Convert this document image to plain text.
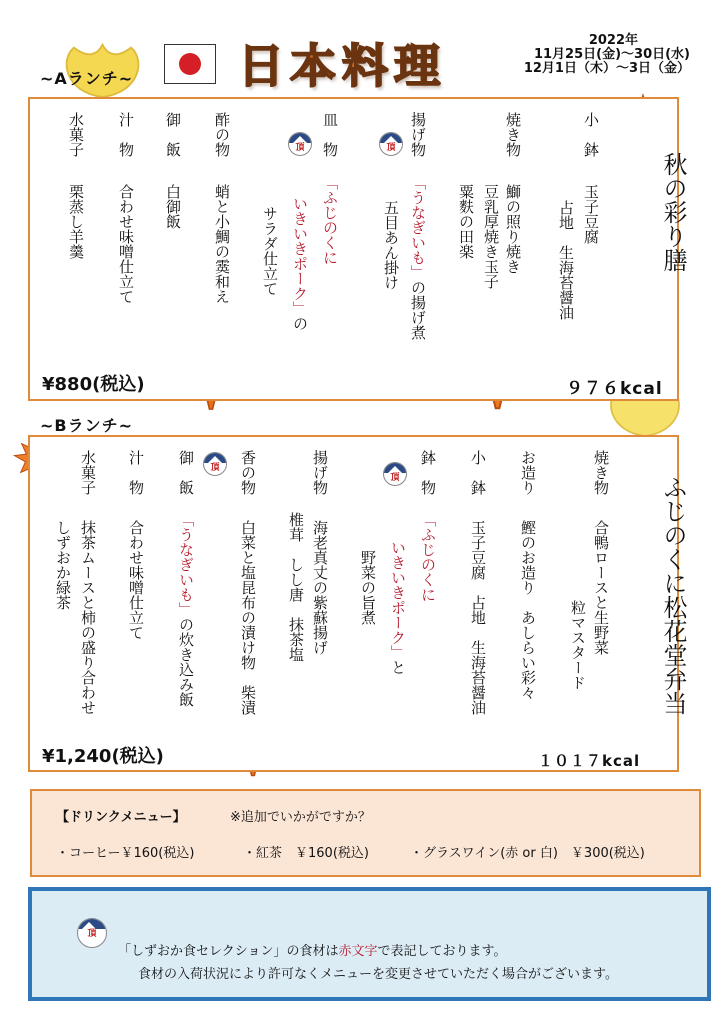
~Aランチ~ 日本料理	2022年
11月25日(金)～30日(水)
12月1日（木）～3日（金）
秋の彩り膳
小　鉢
玉子豆腐
占地　生海苔醤油
焼き物
鰤の照り焼き
豆乳厚焼き玉子
粟麩の田楽
揚げ物
「うなぎいも」の揚げ煮
五目あん掛け
頂
皿　物
「ふじのくに
いきいきポーク」の
サラダ仕立て
頂
酢の物
蛸と小鯛の霙和え
御　飯
白御飯
汁　物
合わせ味噌仕立て
水菓子
栗蒸し羊羹
¥880(税込)	９７６kcal
~Bランチ~
ふじのくに松花堂弁当
焼き物
合鴨ロースと生野菜
粒マスタード
お造り
鰹のお造り　あしらい彩々
小　鉢
玉子豆腐　占地　生海苔醤油
鉢　物
「ふじのくに
いきいきポーク」と
野菜の旨煮
頂
揚げ物
海老真丈の紫蘇揚げ
椎茸　しし唐　抹茶塩
香の物
白菜と塩昆布の漬け物　柴漬
御　飯
「うなぎいも」の炊き込み飯
頂
汁　物
合わせ味噌仕立て
水菓子
抹茶ムースと柿の盛り合わせ
しずおか緑茶
¥1,240(税込)	１０１７kcal
【ドリンクメニュー】	※追加でいかがですか？
・コーヒー￥160(税込)	・紅茶　￥160(税込)	・グラスワイン(赤 or 白)　￥300(税込)
頂
「しずおか食セレクション」の食材は赤文字で表記しております。
食材の入荷状況により許可なくメニューを変更させていただく場合がございます。
